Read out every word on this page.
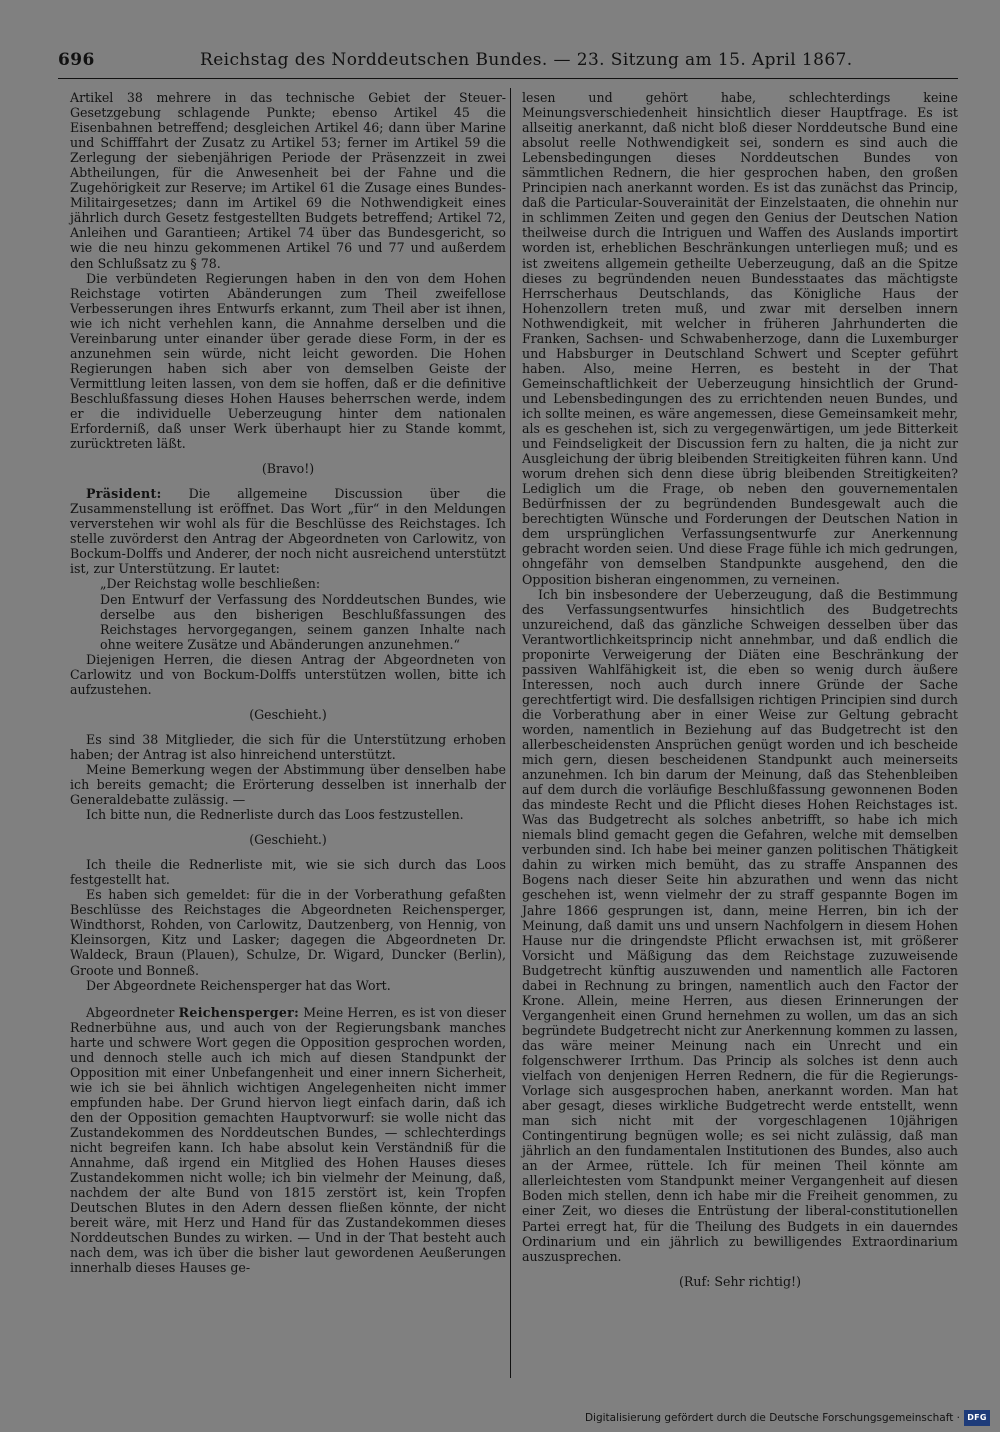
696	Reichstag des Norddeutschen Bundes. — 23. Sitzung am 15. April 1867.

Artikel 38 mehrere in das technische Gebiet der Steuer-Gesetzgebung schlagende Punkte; ebenso Artikel 45 die Eisenbahnen betreffend; desgleichen Artikel 46; dann über Marine und Schifffahrt der Zusatz zu Artikel 53; ferner im Artikel 59 die Zerlegung der siebenjährigen Periode der Präsenzzeit in zwei Abtheilungen, für die Anwesenheit bei der Fahne und die Zugehörigkeit zur Reserve; im Artikel 61 die Zusage eines Bundes-Militairgesetzes; dann im Artikel 69 die Nothwendigkeit eines jährlich durch Gesetz festgestellten Budgets betreffend; Artikel 72, Anleihen und Garantieen; Artikel 74 über das Bundesgericht, so wie die neu hinzu gekommenen Artikel 76 und 77 und außerdem den Schlußsatz zu § 78.

Die verbündeten Regierungen haben in den von dem Hohen Reichstage votirten Abänderungen zum Theil zweifellose Verbesserungen ihres Entwurfs erkannt, zum Theil aber ist ihnen, wie ich nicht verhehlen kann, die Annahme derselben und die Vereinbarung unter einander über gerade diese Form, in der es anzunehmen sein würde, nicht leicht geworden. Die Hohen Regierungen haben sich aber von demselben Geiste der Vermittlung leiten lassen, von dem sie hoffen, daß er die definitive Beschlußfassung dieses Hohen Hauses beherrschen werde, indem er die individuelle Ueberzeugung hinter dem nationalen Erforderniß, daß unser Werk überhaupt hier zu Stande kommt, zurücktreten läßt.

(Bravo!)

Präsident: Die allgemeine Discussion über die Zusammenstellung ist eröffnet. Das Wort „für“ in den Meldungen ververstehen wir wohl als für die Beschlüsse des Reichstages. Ich stelle zuvörderst den Antrag der Abgeordneten von Carlowitz, von Bockum-Dolffs und Anderer, der noch nicht ausreichend unterstützt ist, zur Unterstützung. Er lautet:

„Der Reichstag wolle beschließen:

Den Entwurf der Verfassung des Norddeutschen Bundes, wie derselbe aus den bisherigen Beschlußfassungen des Reichstages hervorgegangen, seinem ganzen Inhalte nach ohne weitere Zusätze und Abänderungen anzunehmen.“

Diejenigen Herren, die diesen Antrag der Abgeordneten von Carlowitz und von Bockum-Dolffs unterstützen wollen, bitte ich aufzustehen.

(Geschieht.)

Es sind 38 Mitglieder, die sich für die Unterstützung erhoben haben; der Antrag ist also hinreichend unterstützt.

Meine Bemerkung wegen der Abstimmung über denselben habe ich bereits gemacht; die Erörterung desselben ist innerhalb der Generaldebatte zulässig. —

Ich bitte nun, die Rednerliste durch das Loos festzustellen.

(Geschieht.)

Ich theile die Rednerliste mit, wie sie sich durch das Loos festgestellt hat.

Es haben sich gemeldet: für die in der Vorberathung gefaßten Beschlüsse des Reichstages die Abgeordneten Reichensperger, Windthorst, Rohden, von Carlowitz, Dautzenberg, von Hennig, von Kleinsorgen, Kitz und Lasker; dagegen die Abgeordneten Dr. Waldeck, Braun (Plauen), Schulze, Dr. Wigard, Duncker (Berlin), Groote und Bonneß.

Der Abgeordnete Reichensperger hat das Wort.

Abgeordneter Reichensperger: Meine Herren, es ist von dieser Rednerbühne aus, und auch von der Regierungsbank manches harte und schwere Wort gegen die Opposition gesprochen worden, und dennoch stelle auch ich mich auf diesen Standpunkt der Opposition mit einer Unbefangenheit und einer innern Sicherheit, wie ich sie bei ähnlich wichtigen Angelegenheiten nicht immer empfunden habe. Der Grund hiervon liegt einfach darin, daß ich den der Opposition gemachten Hauptvorwurf: sie wolle nicht das Zustandekommen des Norddeutschen Bundes, — schlechterdings nicht begreifen kann. Ich habe absolut kein Verständniß für die Annahme, daß irgend ein Mitglied des Hohen Hauses dieses Zustandekommen nicht wolle; ich bin vielmehr der Meinung, daß, nachdem der alte Bund von 1815 zerstört ist, kein Tropfen Deutschen Blutes in den Adern dessen fließen könnte, der nicht bereit wäre, mit Herz und Hand für das Zustandekommen dieses Norddeutschen Bundes zu wirken. — Und in der That besteht auch nach dem, was ich über die bisher laut gewordenen Aeußerungen innerhalb dieses Hauses ge-

lesen und gehört habe, schlechterdings keine Meinungsverschiedenheit hinsichtlich dieser Hauptfrage. Es ist allseitig anerkannt, daß nicht bloß dieser Norddeutsche Bund eine absolut reelle Nothwendigkeit sei, sondern es sind auch die Lebensbedingungen dieses Norddeutschen Bundes von sämmtlichen Rednern, die hier gesprochen haben, den großen Principien nach anerkannt worden. Es ist das zunächst das Princip, daß die Particular-Souverainität der Einzelstaaten, die ohnehin nur in schlimmen Zeiten und gegen den Genius der Deutschen Nation theilweise durch die Intriguen und Waffen des Auslands importirt worden ist, erheblichen Beschränkungen unterliegen muß; und es ist zweitens allgemein getheilte Ueberzeugung, daß an die Spitze dieses zu begründenden neuen Bundesstaates das mächtigste Herrscherhaus Deutschlands, das Königliche Haus der Hohenzollern treten muß, und zwar mit derselben innern Nothwendigkeit, mit welcher in früheren Jahrhunderten die Franken, Sachsen- und Schwabenherzoge, dann die Luxemburger und Habsburger in Deutschland Schwert und Scepter geführt haben. Also, meine Herren, es besteht in der That Gemeinschaftlichkeit der Ueberzeugung hinsichtlich der Grund- und Lebensbedingungen des zu errichtenden neuen Bundes, und ich sollte meinen, es wäre angemessen, diese Gemeinsamkeit mehr, als es geschehen ist, sich zu vergegenwärtigen, um jede Bitterkeit und Feindseligkeit der Discussion fern zu halten, die ja nicht zur Ausgleichung der übrig bleibenden Streitigkeiten führen kann. Und worum drehen sich denn diese übrig bleibenden Streitigkeiten? Lediglich um die Frage, ob neben den gouvernementalen Bedürfnissen der zu begründenden Bundesgewalt auch die berechtigten Wünsche und Forderungen der Deutschen Nation in dem ursprünglichen Verfassungsentwurfe zur Anerkennung gebracht worden seien. Und diese Frage fühle ich mich gedrungen, ohngefähr von demselben Standpunkte ausgehend, den die Opposition bisheran eingenommen, zu verneinen.

Ich bin insbesondere der Ueberzeugung, daß die Bestimmung des Verfassungsentwurfes hinsichtlich des Budgetrechts unzureichend, daß das gänzliche Schweigen desselben über das Verantwortlichkeitsprincip nicht annehmbar, und daß endlich die proponirte Verweigerung der Diäten eine Beschränkung der passiven Wahlfähigkeit ist, die eben so wenig durch äußere Interessen, noch auch durch innere Gründe der Sache gerechtfertigt wird. Die desfallsigen richtigen Principien sind durch die Vorberathung aber in einer Weise zur Geltung gebracht worden, namentlich in Beziehung auf das Budgetrecht ist den allerbescheidensten Ansprüchen genügt worden und ich bescheide mich gern, diesen bescheidenen Standpunkt auch meinerseits anzunehmen. Ich bin darum der Meinung, daß das Stehenbleiben auf dem durch die vorläufige Beschlußfassung gewonnenen Boden das mindeste Recht und die Pflicht dieses Hohen Reichstages ist. Was das Budgetrecht als solches anbetrifft, so habe ich mich niemals blind gemacht gegen die Gefahren, welche mit demselben verbunden sind. Ich habe bei meiner ganzen politischen Thätigkeit dahin zu wirken mich bemüht, das zu straffe Anspannen des Bogens nach dieser Seite hin abzurathen und wenn das nicht geschehen ist, wenn vielmehr der zu straff gespannte Bogen im Jahre 1866 gesprungen ist, dann, meine Herren, bin ich der Meinung, daß damit uns und unsern Nachfolgern in diesem Hohen Hause nur die dringendste Pflicht erwachsen ist, mit größerer Vorsicht und Mäßigung das dem Reichstage zuzuweisende Budgetrecht künftig auszuwenden und namentlich alle Factoren dabei in Rechnung zu bringen, namentlich auch den Factor der Krone. Allein, meine Herren, aus diesen Erinnerungen der Vergangenheit einen Grund hernehmen zu wollen, um das an sich begründete Budgetrecht nicht zur Anerkennung kommen zu lassen, das wäre meiner Meinung nach ein Unrecht und ein folgenschwerer Irrthum. Das Princip als solches ist denn auch vielfach von denjenigen Herren Rednern, die für die Regierungs-Vorlage sich ausgesprochen haben, anerkannt worden. Man hat aber gesagt, dieses wirkliche Budgetrecht werde entstellt, wenn man sich nicht mit der vorgeschlagenen 10jährigen Contingentirung begnügen wolle; es sei nicht zulässig, daß man jährlich an den fundamentalen Institutionen des Bundes, also auch an der Armee, rüttele. Ich für meinen Theil könnte am allerleichtesten vom Standpunkt meiner Vergangenheit auf diesen Boden mich stellen, denn ich habe mir die Freiheit genommen, zu einer Zeit, wo dieses die Entrüstung der liberal-constitutionellen Partei erregt hat, für die Theilung des Budgets in ein dauerndes Ordinarium und ein jährlich zu bewilligendes Extraordinarium auszusprechen.

(Ruf: Sehr richtig!)

Digitalisierung gefördert durch die Deutsche Forschungsgemeinschaft · DFG
